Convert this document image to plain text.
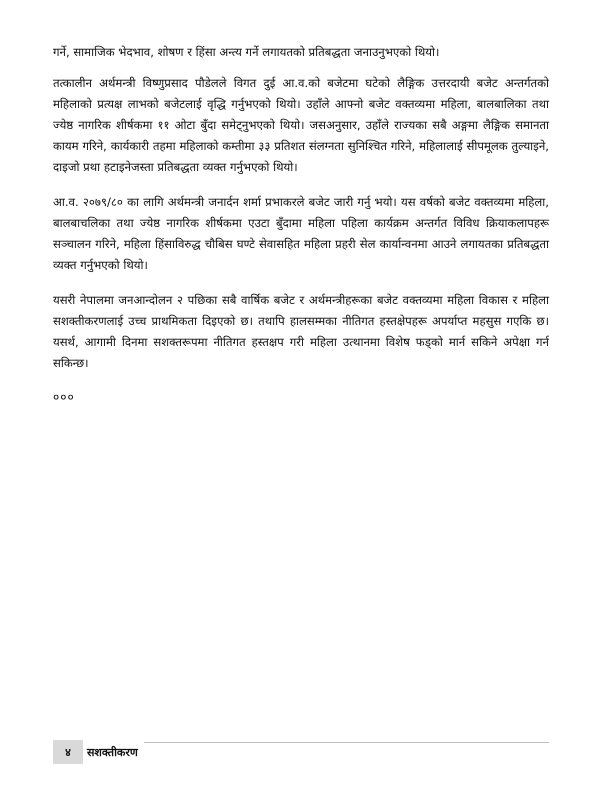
गर्ने, सामाजिक भेदभाव, शोषण र हिंसा अन्त्य गर्ने लगायतको प्रतिबद्धता जनाउनुभएको थियो।

तत्कालीन अर्थमन्त्री विष्णुप्रसाद पौडेलले विगत दुई आ.व.को बजेटमा घटेको लैङ्गिक उत्तरदायी बजेट अन्तर्गतको महिलाको प्रत्यक्ष लाभको बजेटलाई वृद्धि गर्नुभएको थियो। उहाँले आफ्नो बजेट वक्तव्यमा महिला, बालबालिका तथा ज्येष्ठ नागरिक शीर्षकमा ११ ओटा बुँदा समेट्नुभएको थियो। जसअनुसार, उहाँले राज्यका सबै अङ्गमा लैङ्गिक समानता कायम गरिने, कार्यकारी तहमा महिलाको कम्तीमा ३३ प्रतिशत संलग्नता सुनिश्चित गरिने, महिलालाई सीपमूलक तुल्याइने, दाइजो प्रथा हटाइनेजस्ता प्रतिबद्धता व्यक्त गर्नुभएको थियो।

आ.व. २०७९/८० का लागि अर्थमन्त्री जनार्दन शर्मा प्रभाकरले बजेट जारी गर्नु भयो। यस वर्षको बजेट वक्तव्यमा महिला, बालबाचलिका तथा ज्येष्ठ नागरिक शीर्षकमा एउटा बुँदामा महिला पहिला कार्यक्रम अन्तर्गत विविध क्रियाकलापहरू सञ्चालन गरिने, महिला हिंसाविरुद्ध चौबिस घण्टे सेवासहित महिला प्रहरी सेल कार्यान्वनमा आउने लगायतका प्रतिबद्धता व्यक्त गर्नुभएको थियो।

यसरी नेपालमा जनआन्दोलन २ पछिका सबै वार्षिक बजेट र अर्थमन्त्रीहरूका बजेट वक्तव्यमा महिला विकास र महिला सशक्तीकरणलाई उच्च प्राथमिकता दिइएको छ। तथापि हालसम्मका नीतिगत हस्तक्षेपहरू अपर्याप्त महसुस गएकि छ। यसर्थ, आगामी दिनमा सशक्तरूपमा नीतिगत हस्तक्षप गरी महिला उत्थानमा विशेष फड्को मार्न सकिने अपेक्षा गर्न सकिन्छ।

०००
४ सशक्तीकरण
